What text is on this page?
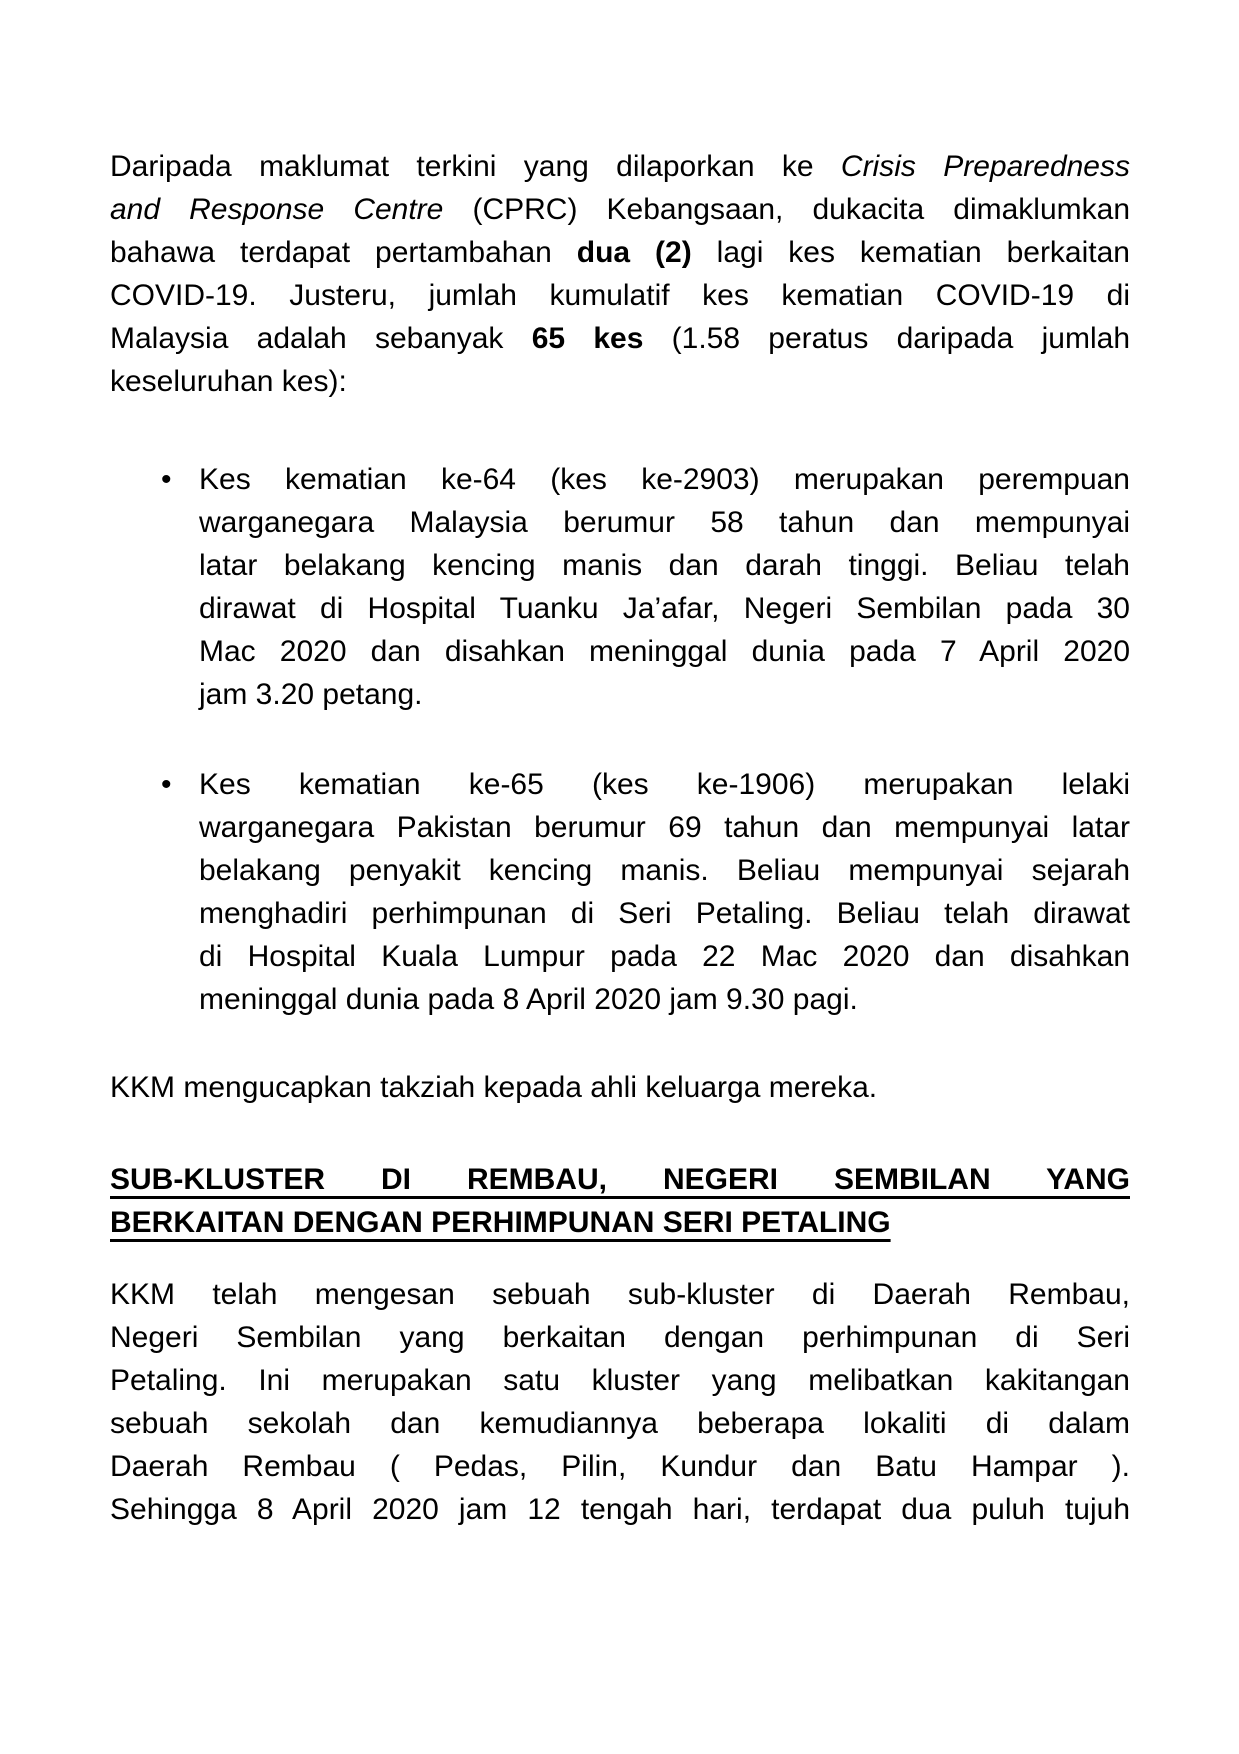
Daripada maklumat terkini yang dilaporkan ke Crisis Preparedness
and Response Centre (CPRC) Kebangsaan, dukacita dimaklumkan
bahawa terdapat pertambahan dua (2) lagi kes kematian berkaitan
COVID-19. Justeru, jumlah kumulatif kes kematian COVID-19 di
Malaysia adalah sebanyak 65 kes (1.58 peratus daripada jumlah
keseluruhan kes):
• Kes kematian ke-64 (kes ke-2903) merupakan perempuan
warganegara Malaysia berumur 58 tahun dan mempunyai
latar belakang kencing manis dan darah tinggi. Beliau telah
dirawat di Hospital Tuanku Ja’afar, Negeri Sembilan pada 30
Mac 2020 dan disahkan meninggal dunia pada 7 April 2020
jam 3.20 petang.
• Kes kematian ke-65 (kes ke-1906) merupakan lelaki
warganegara Pakistan berumur 69 tahun dan mempunyai latar
belakang penyakit kencing manis. Beliau mempunyai sejarah
menghadiri perhimpunan di Seri Petaling. Beliau telah dirawat
di Hospital Kuala Lumpur pada 22 Mac 2020 dan disahkan
meninggal dunia pada 8 April 2020 jam 9.30 pagi.
KKM mengucapkan takziah kepada ahli keluarga mereka.
SUB-KLUSTER DI REMBAU, NEGERI SEMBILAN YANG
BERKAITAN DENGAN PERHIMPUNAN SERI PETALING
KKM telah mengesan sebuah sub-kluster di Daerah Rembau,
Negeri Sembilan yang berkaitan dengan perhimpunan di Seri
Petaling. Ini merupakan satu kluster yang melibatkan kakitangan
sebuah sekolah dan kemudiannya beberapa lokaliti di dalam
Daerah Rembau ( Pedas, Pilin, Kundur dan Batu Hampar ).
Sehingga 8 April 2020 jam 12 tengah hari, terdapat dua puluh tujuh
